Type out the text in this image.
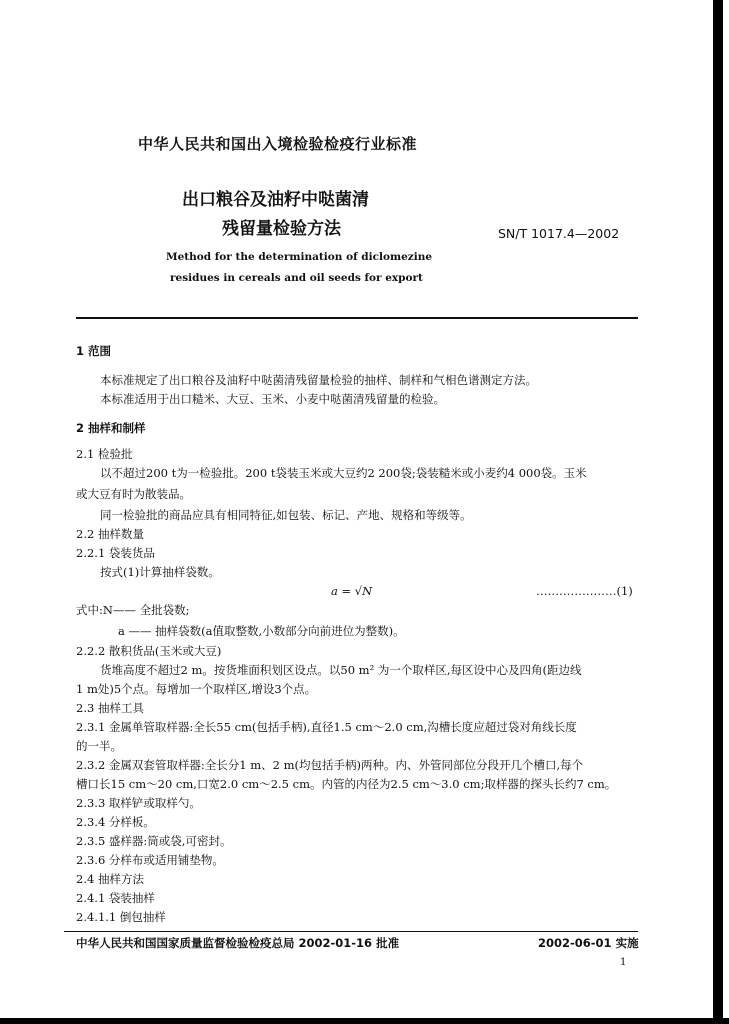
中华人民共和国出入境检验检疫行业标准
出口粮谷及油籽中哒菌清
残留量检验方法	SN/T 1017.4—2002
Method for the determination of diclomezine
residues in cereals and oil seeds for export
1 范围
本标准规定了出口粮谷及油籽中哒菌清残留量检验的抽样、制样和气相色谱测定方法。
本标准适用于出口糙米、大豆、玉米、小麦中哒菌清残留量的检验。
2 抽样和制样
2.1 检验批
以不超过200 t为一检验批。200 t袋装玉米或大豆约2 200袋;袋装糙米或小麦约4 000袋。玉米
或大豆有时为散装品。
同一检验批的商品应具有相同特征,如包装、标记、产地、规格和等级等。
2.2 抽样数量
2.2.1 袋装货品
按式(1)计算抽样袋数。
a = √N	…………………(1)
式中:N—— 全批袋数;
a —— 抽样袋数(a值取整数,小数部分向前进位为整数)。
2.2.2 散积货品(玉米或大豆)
货堆高度不超过2 m。按货堆面积划区设点。以50 m² 为一个取样区,每区设中心及四角(距边线
1 m处)5个点。每增加一个取样区,增设3个点。
2.3 抽样工具
2.3.1 金属单管取样器:全长55 cm(包括手柄),直径1.5 cm～2.0 cm,沟槽长度应超过袋对角线长度
的一半。
2.3.2 金属双套管取样器:全长分1 m、2 m(均包括手柄)两种。内、外管同部位分段开几个槽口,每个
槽口长15 cm～20 cm,口宽2.0 cm～2.5 cm。内管的内径为2.5 cm～3.0 cm;取样器的探头长约7 cm。
2.3.3 取样铲或取样勺。
2.3.4 分样板。
2.3.5 盛样器:筒或袋,可密封。
2.3.6 分样布或适用铺垫物。
2.4 抽样方法
2.4.1 袋装抽样
2.4.1.1 倒包抽样
中华人民共和国国家质量监督检验检疫总局 2002-01-16 批准	2002-06-01 实施
1
